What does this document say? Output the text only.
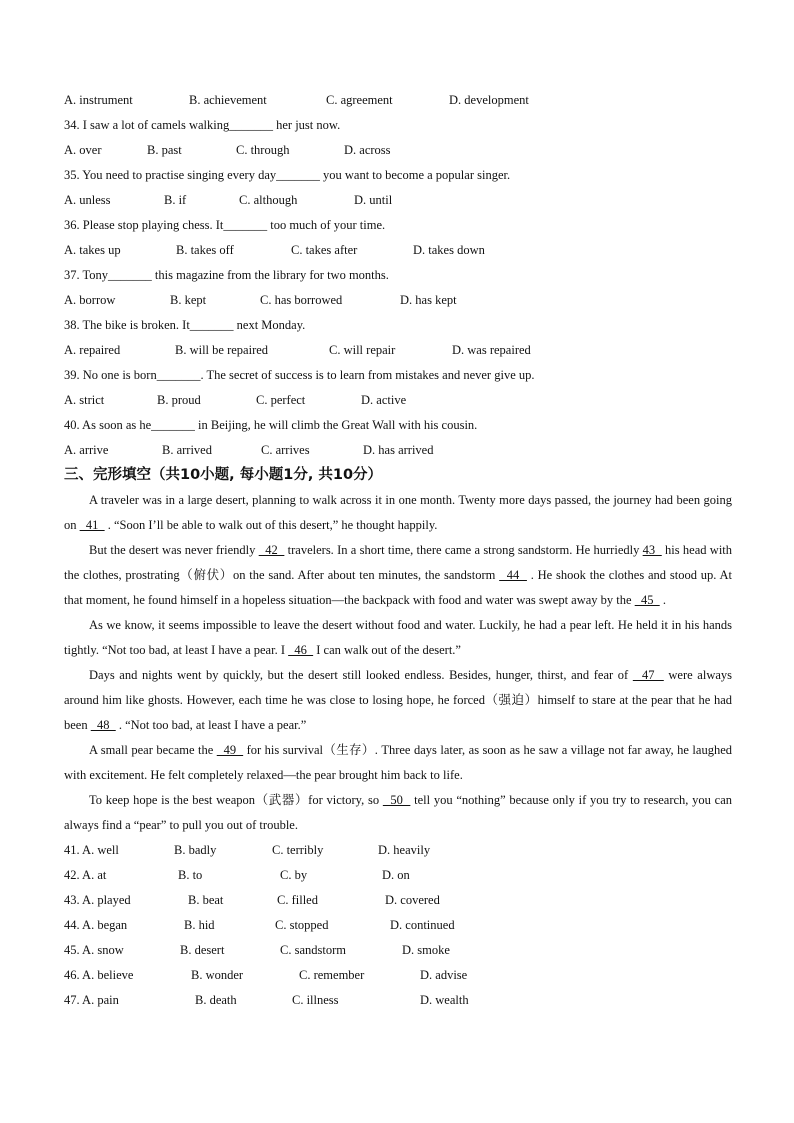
A. instrument	B. achievement	C. agreement	D. development
34. I saw a lot of camels walking_______ her just now.
A. over	B. past	C. through	D. across
35. You need to practise singing every day_______ you want to become a popular singer.
A. unless	B. if	C. although	D. until
36. Please stop playing chess. It_______ too much of your time.
A. takes up	B. takes off	C. takes after	D. takes down
37. Tony_______ this magazine from the library for two months.
A. borrow	B. kept	C. has borrowed	D. has kept
38. The bike is broken. It_______ next Monday.
A. repaired	B. will be repaired	C. will repair	D. was repaired
39. No one is born_______. The secret of success is to learn from mistakes and never give up.
A. strict	B. proud	C. perfect	D. active
40. As soon as he_______ in Beijing, he will climb the Great Wall with his cousin.
A. arrive	B. arrived	C. arrives	D. has arrived
三、完形填空（共10小题, 每小题1分, 共10分）

A traveler was in a large desert, planning to walk across it in one month. Twenty more days passed, the journey had been going on   41   . “Soon I’ll be able to walk out of this desert,” he thought happily.

But the desert was never friendly   42   travelers. In a short time, there came a strong sandstorm. He hurriedly 43   his head with the clothes, prostrating（俯伏）on the sand. After about ten minutes, the sandstorm   44   . He shook the clothes and stood up. At that moment, he found himself in a hopeless situation—the backpack with food and water was swept away by the   45   .

As we know, it seems impossible to leave the desert without food and water. Luckily, he had a pear left. He held it in his hands tightly. “Not too bad, at least I have a pear. I   46   I can walk out of the desert.”

Days and nights went by quickly, but the desert still looked endless. Besides, hunger, thirst, and fear of   47   were always around him like ghosts. However, each time he was close to losing hope, he forced（强迫）himself to stare at the pear that he had been   48   . “Not too bad, at least I have a pear.”

A small pear became the   49   for his survival（生存）. Three days later, as soon as he saw a village not far away, he laughed with excitement. He felt completely relaxed—the pear brought him back to life.

To keep hope is the best weapon（武器）for victory, so   50   tell you “nothing” because only if you try to research, you can always find a “pear” to pull you out of trouble.

41. A. well	B. badly	C. terribly	D. heavily
42. A. at	B. to	C. by	D. on
43. A. played	B. beat	C. filled	D. covered
44. A. began	B. hid	C. stopped	D. continued
45. A. snow	B. desert	C. sandstorm	D. smoke
46. A. believe	B. wonder	C. remember	D. advise
47. A. pain	B. death	C. illness	D. wealth
